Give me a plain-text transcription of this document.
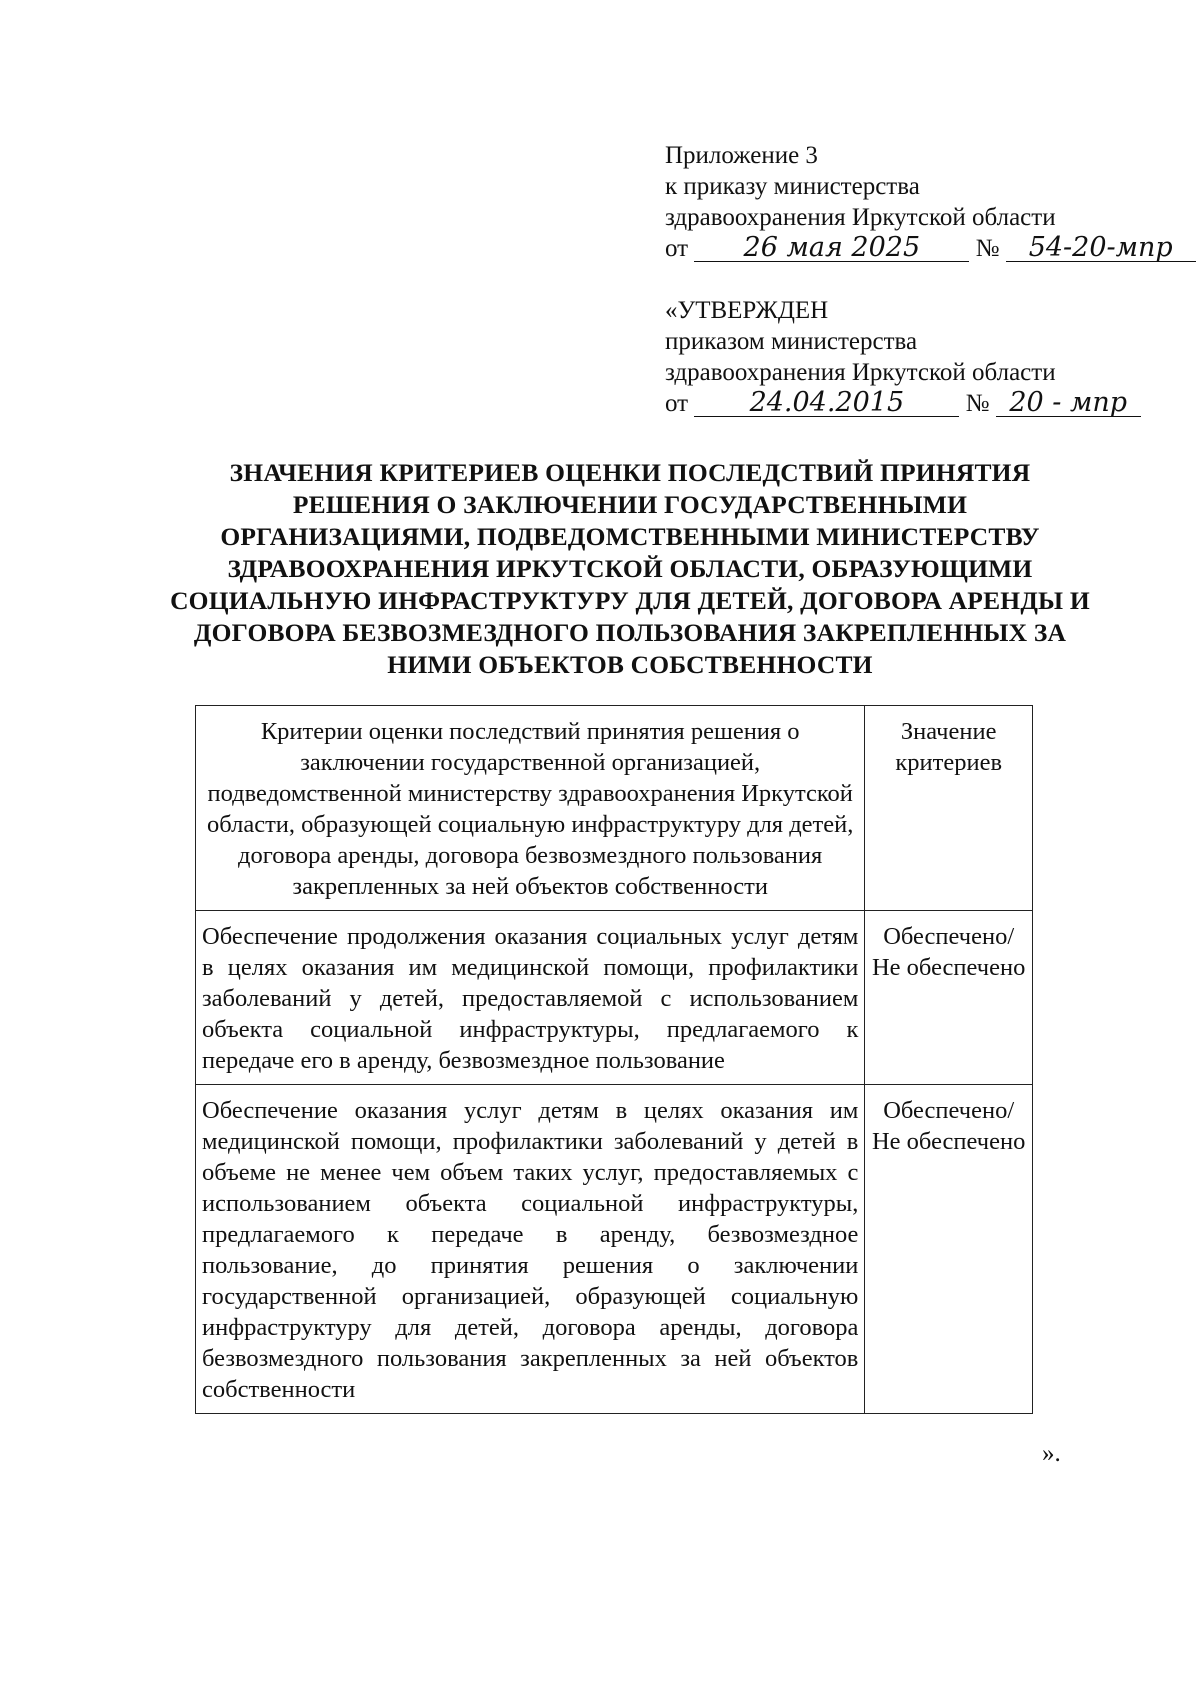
Приложение 3
к приказу министерства
здравоохранения Иркутской области
от 26 мая 2025 № 54-20-мпр
«УТВЕРЖДЕН
приказом министерства
здравоохранения Иркутской области
от 24.04.2015 № 20 - мпр
ЗНАЧЕНИЯ КРИТЕРИЕВ ОЦЕНКИ ПОСЛЕДСТВИЙ ПРИНЯТИЯ РЕШЕНИЯ О ЗАКЛЮЧЕНИИ ГОСУДАРСТВЕННЫМИ ОРГАНИЗАЦИЯМИ, ПОДВЕДОМСТВЕННЫМИ МИНИСТЕРСТВУ ЗДРАВООХРАНЕНИЯ ИРКУТСКОЙ ОБЛАСТИ, ОБРАЗУЮЩИМИ СОЦИАЛЬНУЮ ИНФРАСТРУКТУРУ ДЛЯ ДЕТЕЙ, ДОГОВОРА АРЕНДЫ И ДОГОВОРА БЕЗВОЗМЕЗДНОГО ПОЛЬЗОВАНИЯ ЗАКРЕПЛЕННЫХ ЗА НИМИ ОБЪЕКТОВ СОБСТВЕННОСТИ
Критерии оценки последствий принятия решения о заключении государственной организацией, подведомственной министерству здравоохранения Иркутской области, образующей социальную инфраструктуру для детей, договора аренды, договора безвозмездного пользования закрепленных за ней объектов собственности	Значение критериев
Обеспечение продолжения оказания социальных услуг детям в целях оказания им медицинской помощи, профилактики заболеваний у детей, предоставляемой с использованием объекта социальной инфраструктуры, предлагаемого к передаче его в аренду, безвозмездное пользование	Обеспечено/ Не обеспечено
Обеспечение оказания услуг детям в целях оказания им медицинской помощи, профилактики заболеваний у детей в объеме не менее чем объем таких услуг, предоставляемых с использованием объекта социальной инфраструктуры, предлагаемого к передаче в аренду, безвозмездное пользование, до принятия решения о заключении государственной организацией, образующей социальную инфраструктуру для детей, договора аренды, договора безвозмездного пользования закрепленных за ней объектов собственности	Обеспечено/ Не обеспечено
».
